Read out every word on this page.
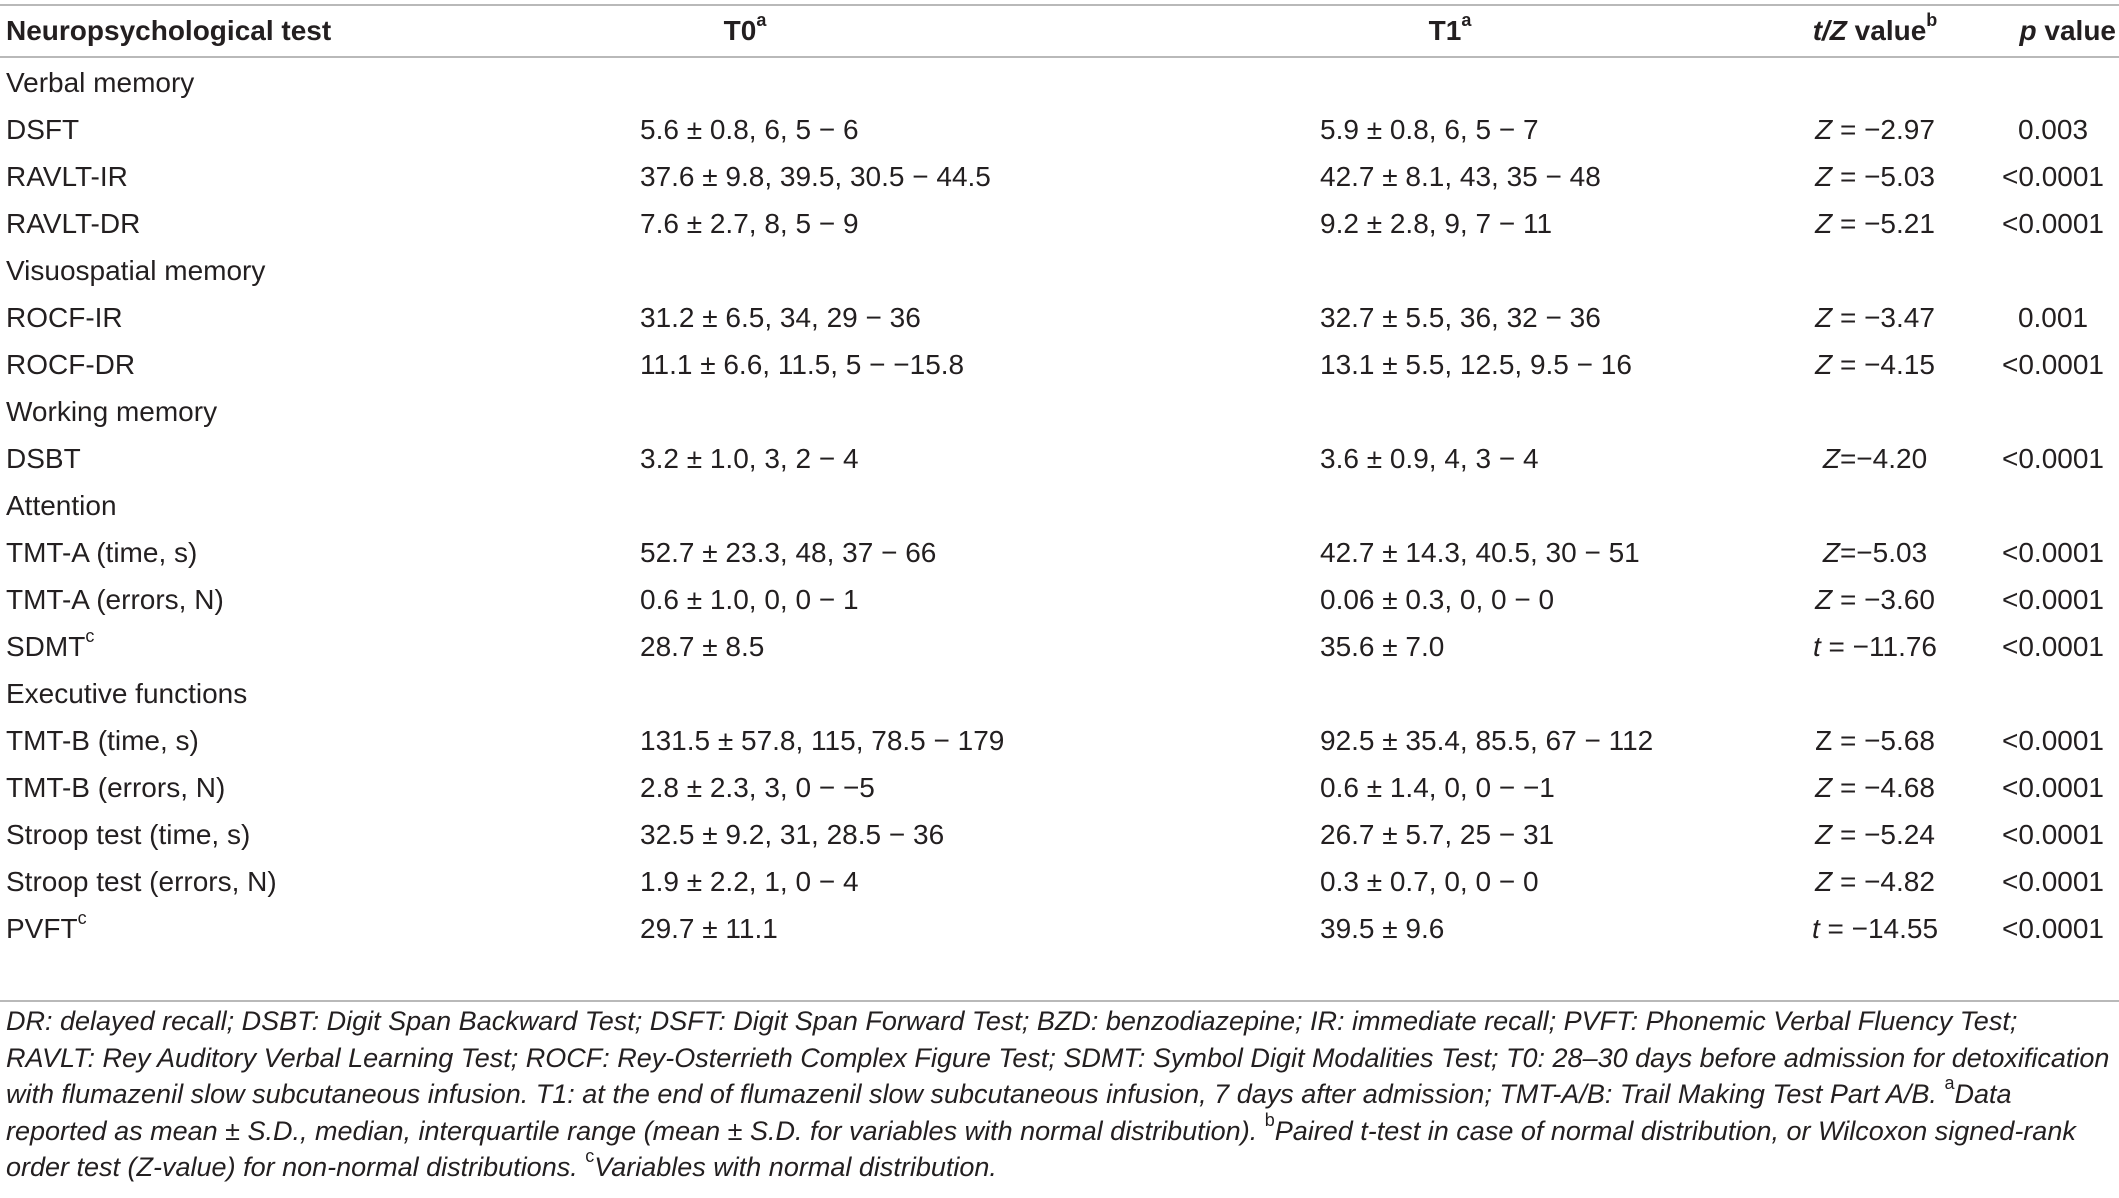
Neuropsychological test	T0$^a$	T1$^a$	t/Z value$^b$	p value
Verbal memory
DSFT	5.6 ± 0.8, 6, 5 − 6	5.9 ± 0.8, 6, 5 − 7	Z = −2.97	0.003
RAVLT-IR	37.6 ± 9.8, 39.5, 30.5 − 44.5	42.7 ± 8.1, 43, 35 − 48	Z = −5.03	<0.0001
RAVLT-DR	7.6 ± 2.7, 8, 5 − 9	9.2 ± 2.8, 9, 7 − 11	Z = −5.21	<0.0001
Visuospatial memory
ROCF-IR	31.2 ± 6.5, 34, 29 − 36	32.7 ± 5.5, 36, 32 − 36	Z = −3.47	0.001
ROCF-DR	11.1 ± 6.6, 11.5, 5 − −15.8	13.1 ± 5.5, 12.5, 9.5 − 16	Z = −4.15	<0.0001
Working memory
DSBT	3.2 ± 1.0, 3, 2 − 4	3.6 ± 0.9, 4, 3 − 4	Z=−4.20	<0.0001
Attention
TMT-A (time, s)	52.7 ± 23.3, 48, 37 − 66	42.7 ± 14.3, 40.5, 30 − 51	Z=−5.03	<0.0001
TMT-A (errors, N)	0.6 ± 1.0, 0, 0 − 1	0.06 ± 0.3, 0, 0 − 0	Z = −3.60	<0.0001
SDMT$^c$	28.7 ± 8.5	35.6 ± 7.0	t = −11.76	<0.0001
Executive functions
TMT-B (time, s)	131.5 ± 57.8, 115, 78.5 − 179	92.5 ± 35.4, 85.5, 67 − 112	Z = −5.68	<0.0001
TMT-B (errors, N)	2.8 ± 2.3, 3, 0 − −5	0.6 ± 1.4, 0, 0 − −1	Z = −4.68	<0.0001
Stroop test (time, s)	32.5 ± 9.2, 31, 28.5 − 36	26.7 ± 5.7, 25 − 31	Z = −5.24	<0.0001
Stroop test (errors, N)	1.9 ± 2.2, 1, 0 − 4	0.3 ± 0.7, 0, 0 − 0	Z = −4.82	<0.0001
PVFT$^c$	29.7 ± 11.1	39.5 ± 9.6	t = −14.55	<0.0001
DR: delayed recall; DSBT: Digit Span Backward Test; DSFT: Digit Span Forward Test; BZD: benzodiazepine; IR: immediate recall; PVFT: Phonemic Verbal Fluency Test; RAVLT: Rey Auditory Verbal Learning Test; ROCF: Rey-Osterrieth Complex Figure Test; SDMT: Symbol Digit Modalities Test; T0: 28–30 days before admission for detoxification with flumazenil slow subcutaneous infusion. T1: at the end of flumazenil slow subcutaneous infusion, 7 days after admission; TMT-A/B: Trail Making Test Part A/B. $^a$Data reported as mean ± S.D., median, interquartile range (mean ± S.D. for variables with normal distribution). $^b$Paired t-test in case of normal distribution, or Wilcoxon signed-rank order test (Z-value) for non-normal distributions. $^c$Variables with normal distribution.
